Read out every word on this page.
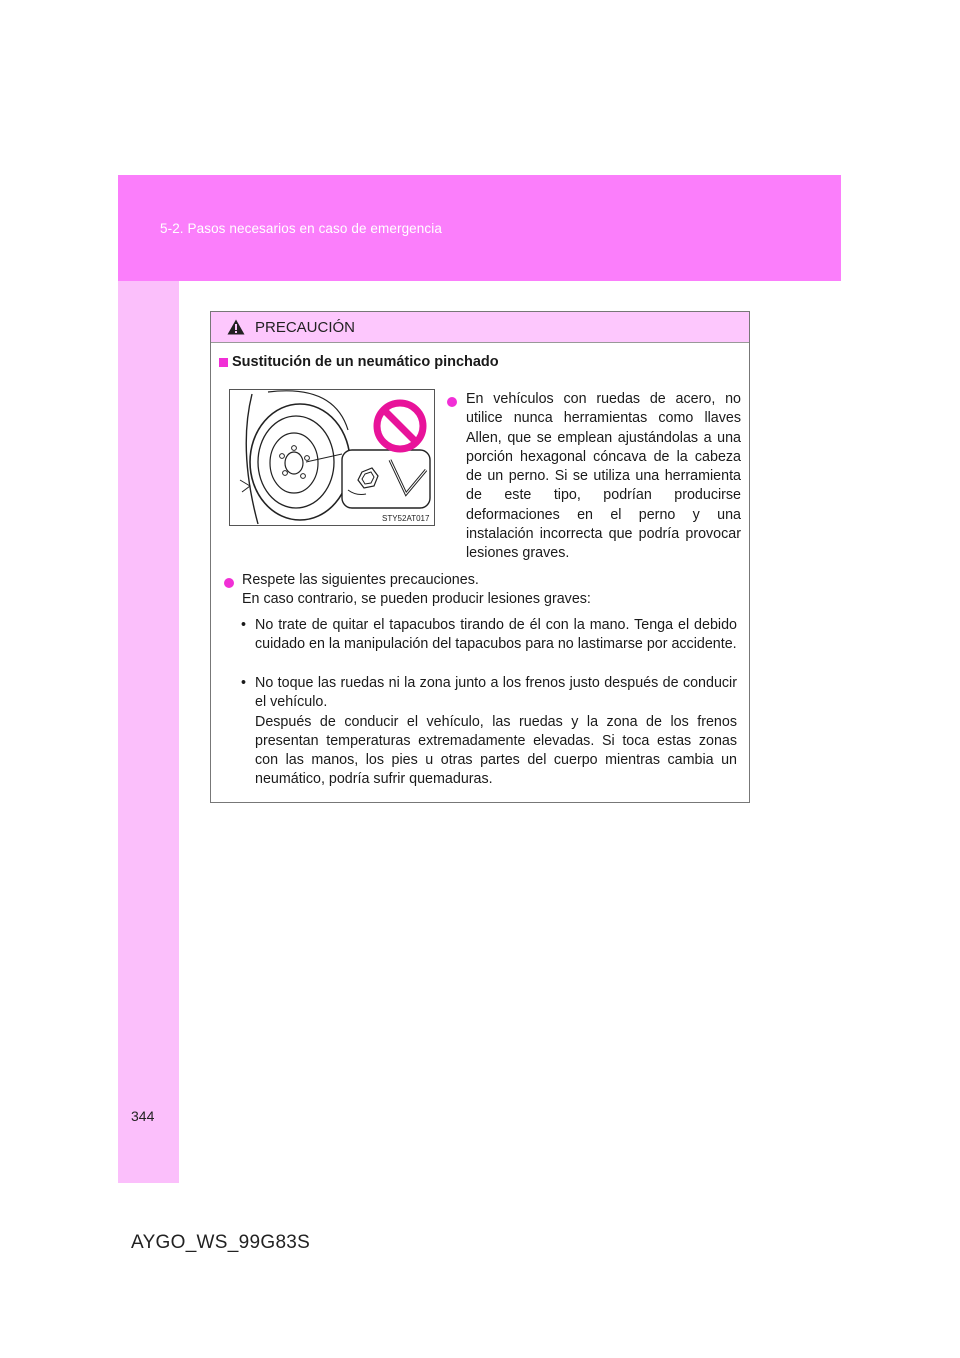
5-2. Pasos necesarios en caso de emergencia
PRECAUCIÓN
Sustitución de un neumático pinchado
STY52AT017
En vehículos con ruedas de acero, no utilice nunca herramientas como llaves Allen, que se emplean ajustándolas a una porción hexagonal cóncava de la cabeza de un perno. Si se utiliza una herramienta de este tipo, podrían producirse deformaciones en el perno y una instalación incorrecta que podría provocar lesiones graves.
Respete las siguientes precauciones.
En caso contrario, se pueden producir lesiones graves:
• No trate de quitar el tapacubos tirando de él con la mano. Tenga el debido cuidado en la manipulación del tapacubos para no lastimarse por accidente.
• No toque las ruedas ni la zona junto a los frenos justo después de conducir el vehículo.
Después de conducir el vehículo, las ruedas y la zona de los frenos presentan temperaturas extremadamente elevadas. Si toca estas zonas con las manos, los pies u otras partes del cuerpo mientras cambia un neumático, podría sufrir quemaduras.
344
AYGO_WS_99G83S
